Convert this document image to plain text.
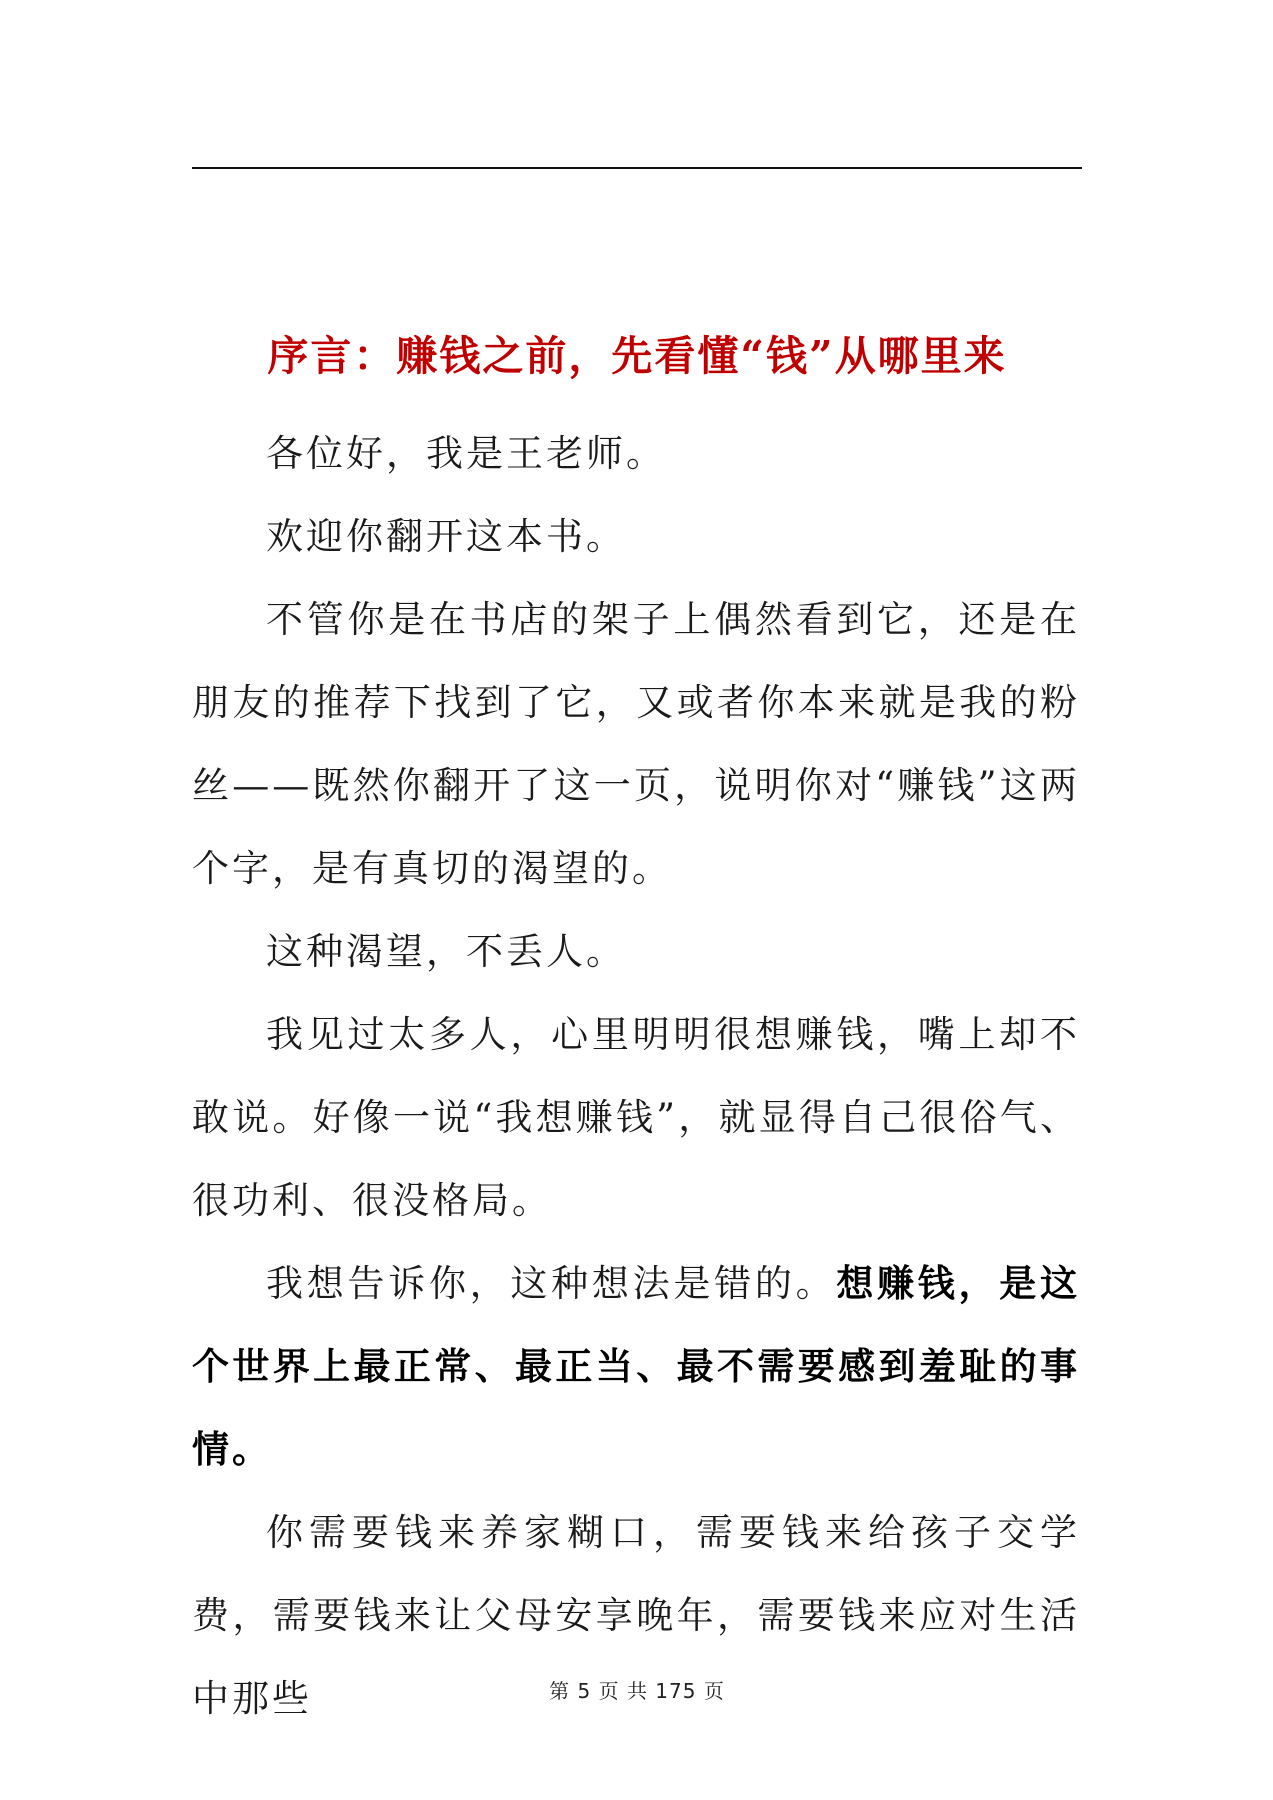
序言：赚钱之前，先看懂“钱”从哪里来

各位好，我是王老师。

欢迎你翻开这本书。

不管你是在书店的架子上偶然看到它，还是在朋友的推荐下找到了它，又或者你本来就是我的粉丝——既然你翻开了这一页，说明你对“赚钱”这两个字，是有真切的渴望的。

这种渴望，不丢人。

我见过太多人，心里明明很想赚钱，嘴上却不敢说。好像一说“我想赚钱”，就显得自己很俗气、很功利、很没格局。

我想告诉你，这种想法是错的。想赚钱，是这个世界上最正常、最正当、最不需要感到羞耻的事情。

你需要钱来养家糊口，需要钱来给孩子交学费，需要钱来让父母安享晚年，需要钱来应对生活中那些	第 5 页 共 175 页
